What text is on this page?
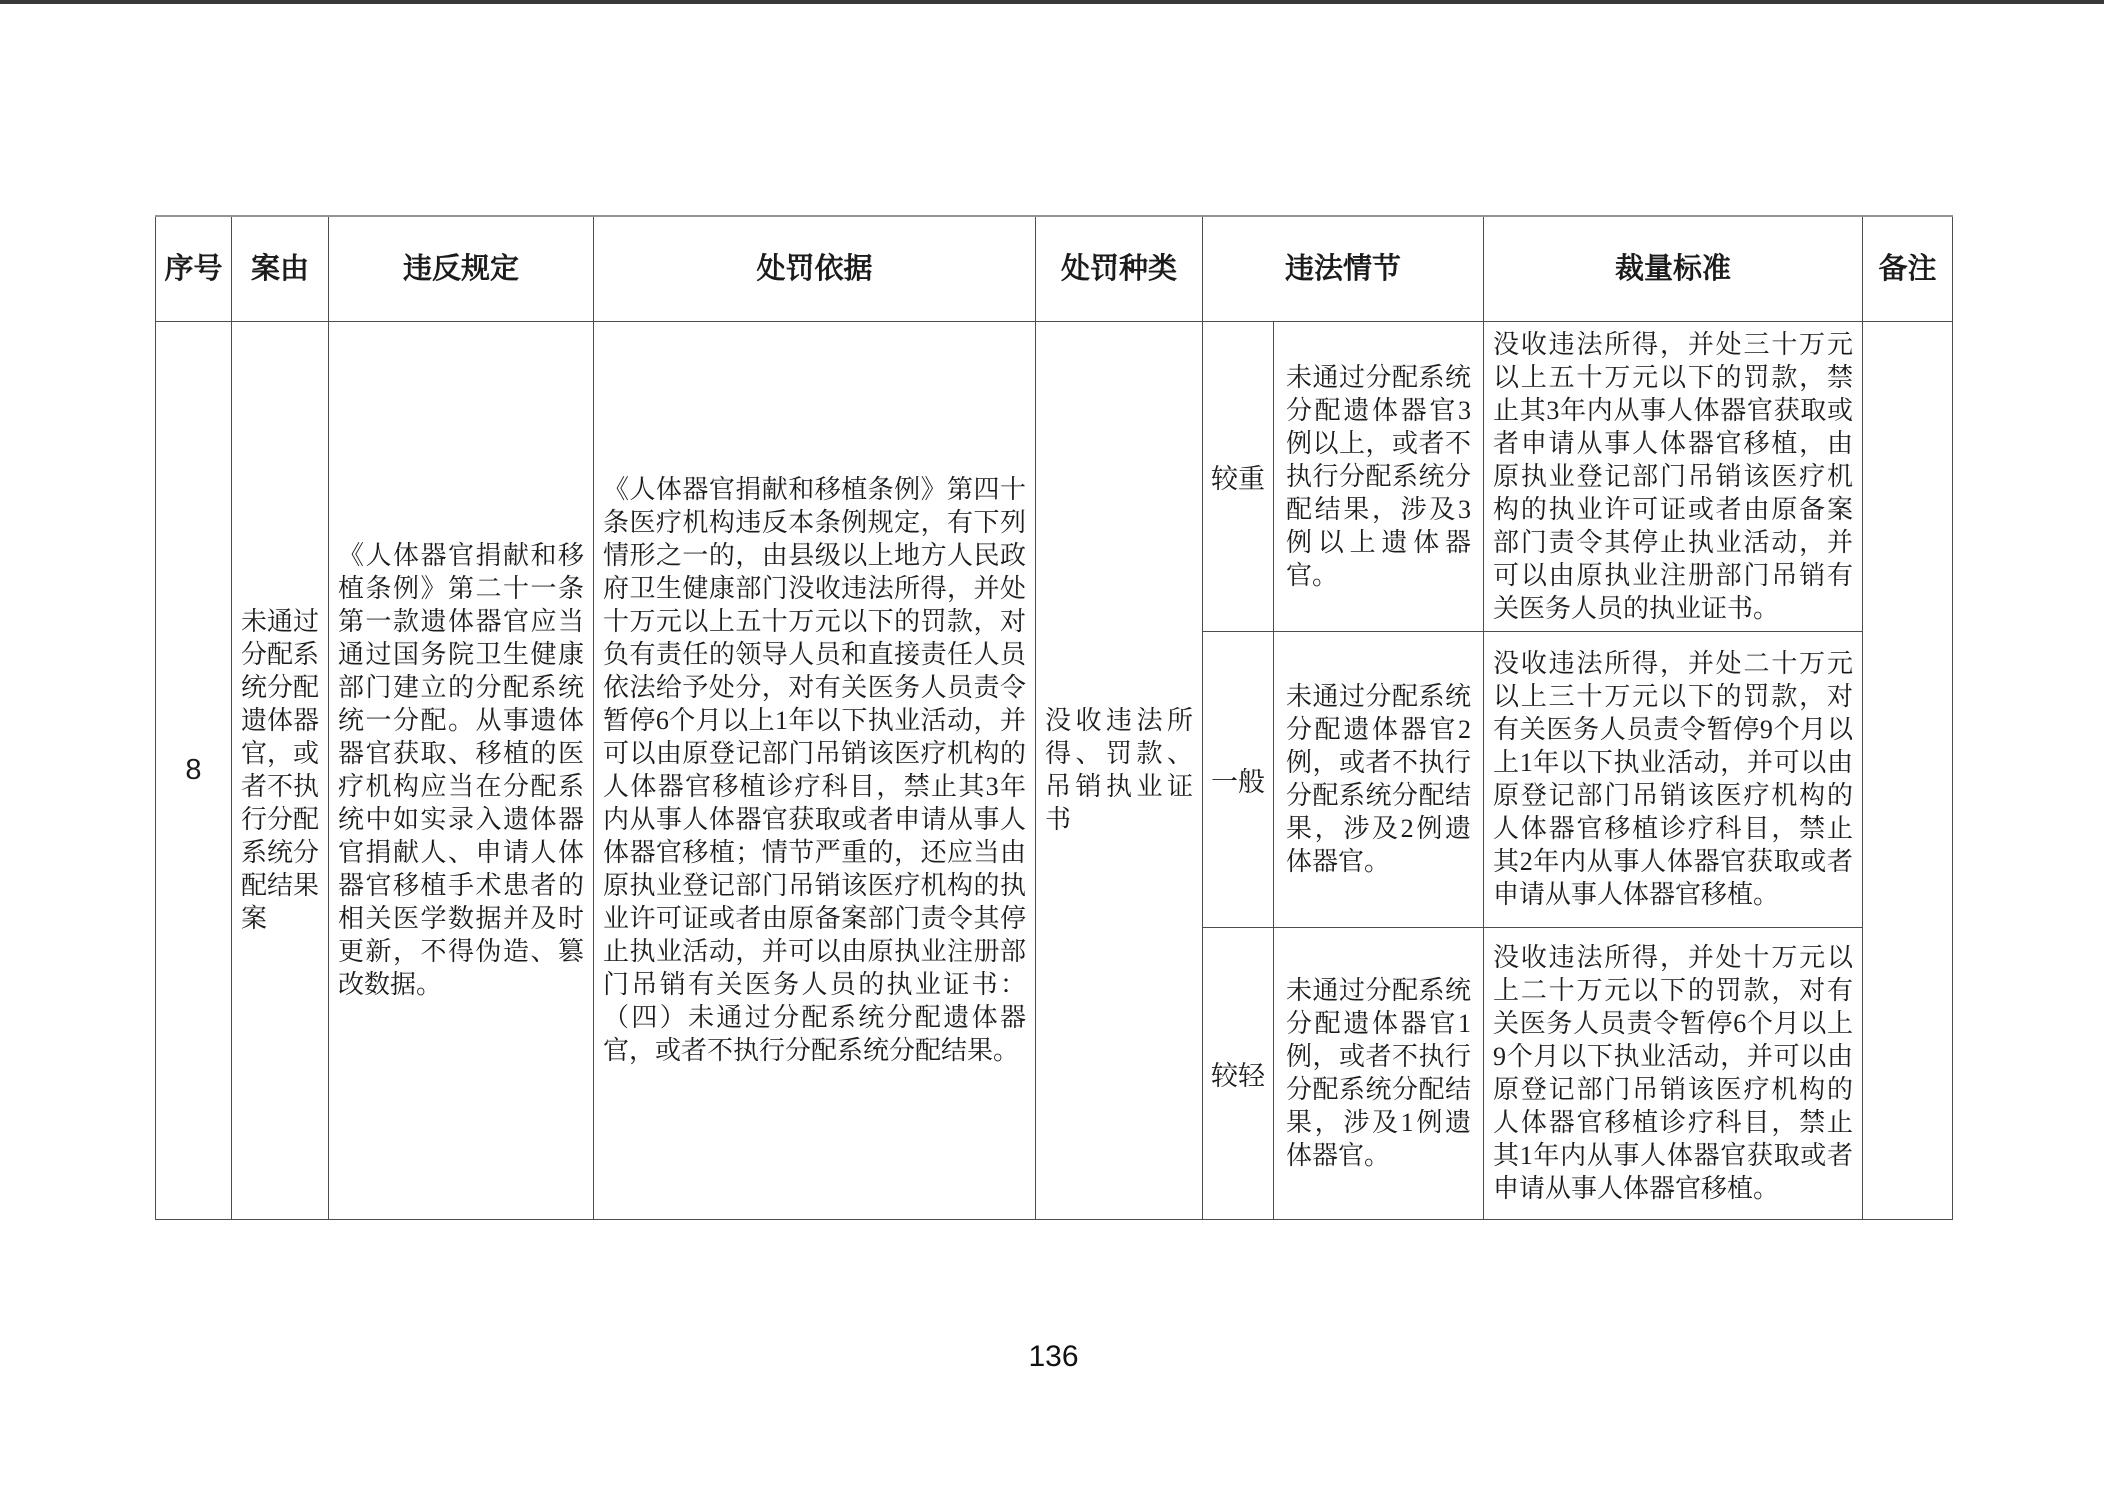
序号	案由	违反规定	处罚依据	处罚种类	违法情节		裁量标准	备注
8	未通过分配系统分配遗体器官，或者不执行分配系统分配结果案	《人体器官捐献和移植条例》第二十一条第一款遗体器官应当通过国务院卫生健康部门建立的分配系统统一分配。从事遗体器官获取、移植的医疗机构应当在分配系统中如实录入遗体器官捐献人、申请人体器官移植手术患者的相关医学数据并及时更新，不得伪造、篡改数据。	《人体器官捐献和移植条例》第四十条医疗机构违反本条例规定，有下列情形之一的，由县级以上地方人民政府卫生健康部门没收违法所得，并处十万元以上五十万元以下的罚款，对负有责任的领导人员和直接责任人员依法给予处分，对有关医务人员责令暂停6个月以上1年以下执业活动，并可以由原登记部门吊销该医疗机构的人体器官移植诊疗科目，禁止其3年内从事人体器官获取或者申请从事人体器官移植；情节严重的，还应当由原执业登记部门吊销该医疗机构的执业许可证或者由原备案部门责令其停止执业活动，并可以由原执业注册部门吊销有关医务人员的执业证书：（四）未通过分配系统分配遗体器官，或者不执行分配系统分配结果。	没收违法所得、罚款、吊销执业证书	较重	未通过分配系统分配遗体器官3例以上，或者不执行分配系统分配结果，涉及3例以上遗体器官。	没收违法所得，并处三十万元以上五十万元以下的罚款，禁止其3年内从事人体器官获取或者申请从事人体器官移植，由原执业登记部门吊销该医疗机构的执业许可证或者由原备案部门责令其停止执业活动，并可以由原执业注册部门吊销有关医务人员的执业证书。	
					一般	未通过分配系统分配遗体器官2例，或者不执行分配系统分配结果，涉及2例遗体器官。	没收违法所得，并处二十万元以上三十万元以下的罚款，对有关医务人员责令暂停9个月以上1年以下执业活动，并可以由原登记部门吊销该医疗机构的人体器官移植诊疗科目，禁止其2年内从事人体器官获取或者申请从事人体器官移植。	
					较轻	未通过分配系统分配遗体器官1例，或者不执行分配系统分配结果，涉及1例遗体器官。	没收违法所得，并处十万元以上二十万元以下的罚款，对有关医务人员责令暂停6个月以上9个月以下执业活动，并可以由原登记部门吊销该医疗机构的人体器官移植诊疗科目，禁止其1年内从事人体器官获取或者申请从事人体器官移植。	
136
